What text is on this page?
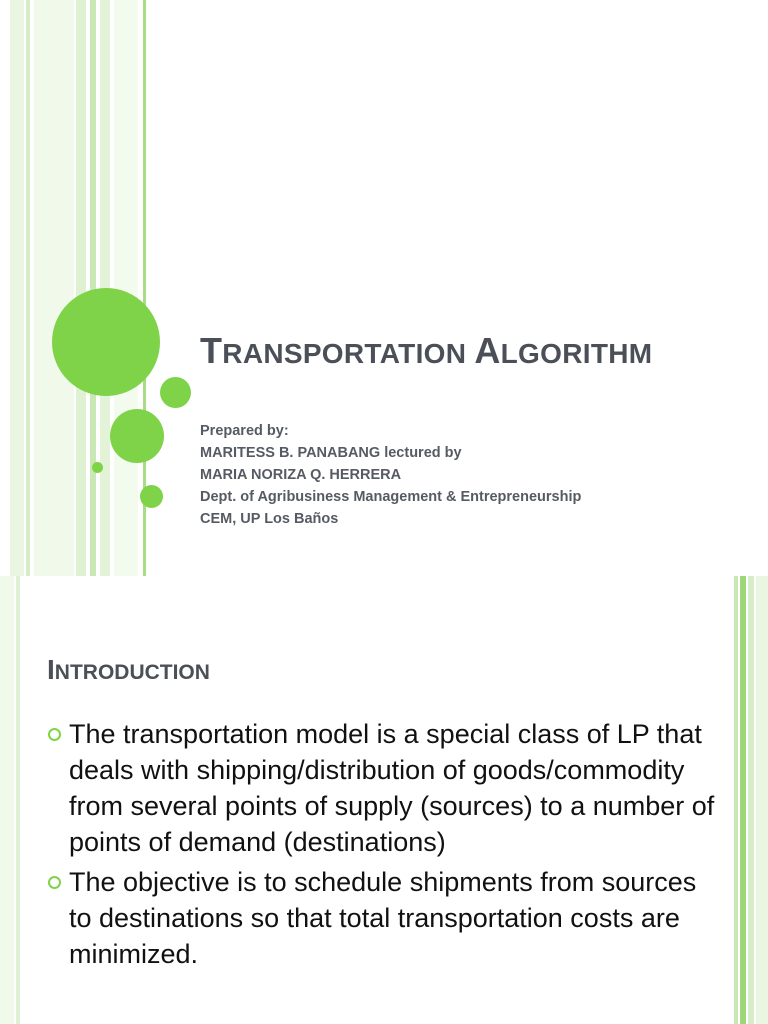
TRANSPORTATION ALGORITHM
Prepared by:
MARITESS B. PANABANG lectured by
MARIA NORIZA Q. HERRERA
Dept. of Agribusiness Management & Entrepreneurship
CEM, UP Los Baños
INTRODUCTION
The transportation model is a special class of LP that deals with shipping/distribution of goods/commodity from several points of supply (sources) to a number of points of demand (destinations)
The objective is to schedule shipments from sources to destinations so that total transportation costs are minimized.
